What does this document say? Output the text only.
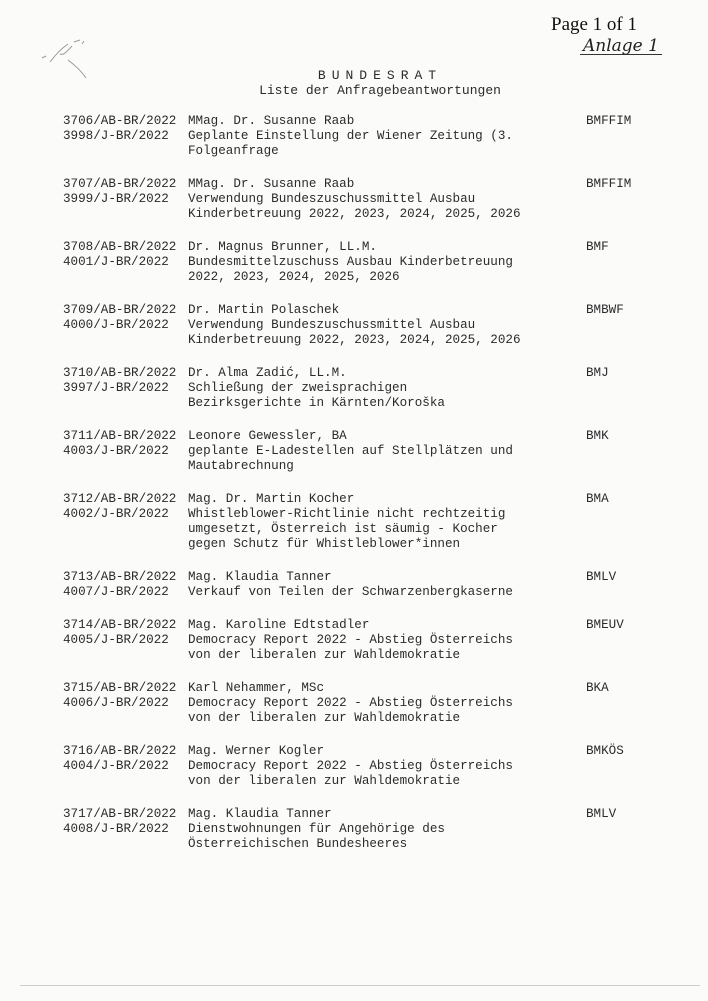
Page 1 of 1
Anlage 1
BUNDESRAT
Liste der Anfragebeantwortungen
3706/AB-BR/2022
3998/J-BR/2022
MMag. Dr. Susanne Raab
Geplante Einstellung der Wiener Zeitung (3.
Folgeanfrage
BMFFIM
3707/AB-BR/2022
3999/J-BR/2022
MMag. Dr. Susanne Raab
Verwendung Bundeszuschussmittel Ausbau
Kinderbetreuung 2022, 2023, 2024, 2025, 2026
BMFFIM
3708/AB-BR/2022
4001/J-BR/2022
Dr. Magnus Brunner, LL.M.
Bundesmittelzuschuss Ausbau Kinderbetreuung
2022, 2023, 2024, 2025, 2026
BMF
3709/AB-BR/2022
4000/J-BR/2022
Dr. Martin Polaschek
Verwendung Bundeszuschussmittel Ausbau
Kinderbetreuung 2022, 2023, 2024, 2025, 2026
BMBWF
3710/AB-BR/2022
3997/J-BR/2022
Dr. Alma Zadić, LL.M.
Schließung der zweisprachigen
Bezirksgerichte in Kärnten/Koroška
BMJ
3711/AB-BR/2022
4003/J-BR/2022
Leonore Gewessler, BA
geplante E-Ladestellen auf Stellplätzen und
Mautabrechnung
BMK
3712/AB-BR/2022
4002/J-BR/2022
Mag. Dr. Martin Kocher
Whistleblower-Richtlinie nicht rechtzeitig
umgesetzt, Österreich ist säumig - Kocher
gegen Schutz für Whistleblower*innen
BMA
3713/AB-BR/2022
4007/J-BR/2022
Mag. Klaudia Tanner
Verkauf von Teilen der Schwarzenbergkaserne
BMLV
3714/AB-BR/2022
4005/J-BR/2022
Mag. Karoline Edtstadler
Democracy Report 2022 - Abstieg Österreichs
von der liberalen zur Wahldemokratie
BMEUV
3715/AB-BR/2022
4006/J-BR/2022
Karl Nehammer, MSc
Democracy Report 2022 - Abstieg Österreichs
von der liberalen zur Wahldemokratie
BKA
3716/AB-BR/2022
4004/J-BR/2022
Mag. Werner Kogler
Democracy Report 2022 - Abstieg Österreichs
von der liberalen zur Wahldemokratie
BMKÖS
3717/AB-BR/2022
4008/J-BR/2022
Mag. Klaudia Tanner
Dienstwohnungen für Angehörige des
Österreichischen Bundesheeres
BMLV
